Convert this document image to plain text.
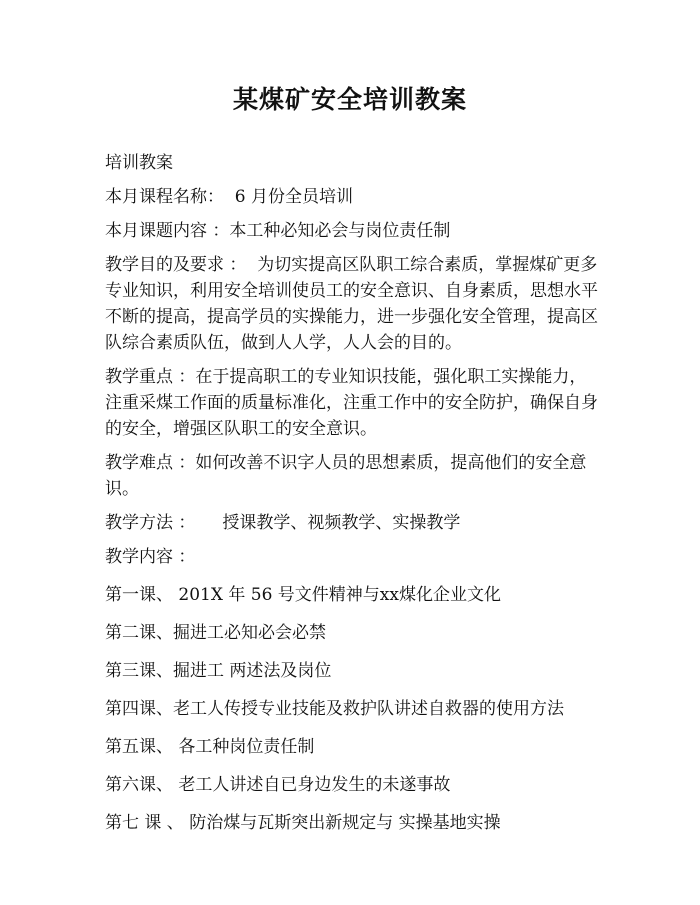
某煤矿安全培训教案

培训教案

本月课程名称：  6 月份全员培训

本月课题内容 ：本工种必知必会与岗位责任制

教学目的及要求 ：  为切实提高区队职工综合素质，掌握煤矿更多专业知识，利用安全培训使员工的安全意识、自身素质，思想水平不断的提高，提高学员的实操能力，进一步强化安全管理，提高区队综合素质队伍，做到人人学，人人会的目的。

教学重点 ：在于提高职工的专业知识技能，强化职工实操能力，注重采煤工作面的质量标准化，注重工作中的安全防护，确保自身的安全，增强区队职工的安全意识。

教学难点 ：如何改善不识字人员的思想素质，提高他们的安全意识。

教学方法 ：     授课教学、视频教学、实操教学

教学内容 ：

第一课、 201X 年 56 号文件精神与xx煤化企业文化

第二课、掘进工必知必会必禁

第三课、掘进工 两述法及岗位

第四课、老工人传授专业技能及救护队讲述自救器的使用方法

第五课、 各工种岗位责任制

第六课、 老工人讲述自已身边发生的未遂事故

第七 课 、 防治煤与瓦斯突出新规定与 实操基地实操
